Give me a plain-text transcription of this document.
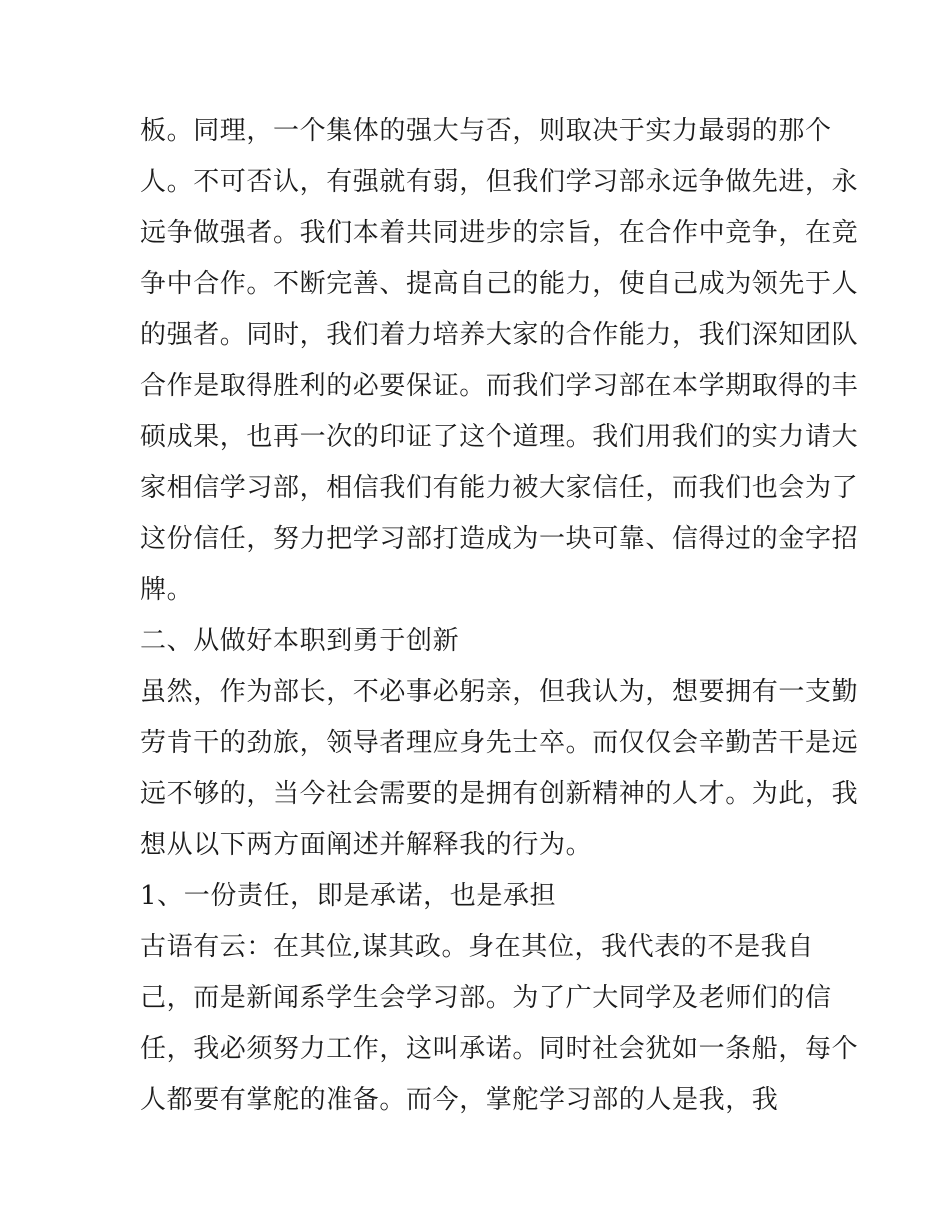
板。同理，一个集体的强大与否，则取决于实力最弱的那个
人。不可否认，有强就有弱，但我们学习部永远争做先进，永
远争做强者。我们本着共同进步的宗旨，在合作中竞争，在竞
争中合作。不断完善、提高自己的能力，使自己成为领先于人
的强者。同时，我们着力培养大家的合作能力，我们深知团队
合作是取得胜利的必要保证。而我们学习部在本学期取得的丰
硕成果，也再一次的印证了这个道理。我们用我们的实力请大
家相信学习部，相信我们有能力被大家信任，而我们也会为了
这份信任，努力把学习部打造成为一块可靠、信得过的金字招
牌。
二、从做好本职到勇于创新
虽然，作为部长，不必事必躬亲，但我认为，想要拥有一支勤
劳肯干的劲旅，领导者理应身先士卒。而仅仅会辛勤苦干是远
远不够的，当今社会需要的是拥有创新精神的人才。为此，我
想从以下两方面阐述并解释我的行为。
1、一份责任，即是承诺，也是承担
古语有云：在其位,谋其政。身在其位，我代表的不是我自
己，而是新闻系学生会学习部。为了广大同学及老师们的信
任，我必须努力工作，这叫承诺。同时社会犹如一条船，每个
人都要有掌舵的准备。而今，掌舵学习部的人是我，我
